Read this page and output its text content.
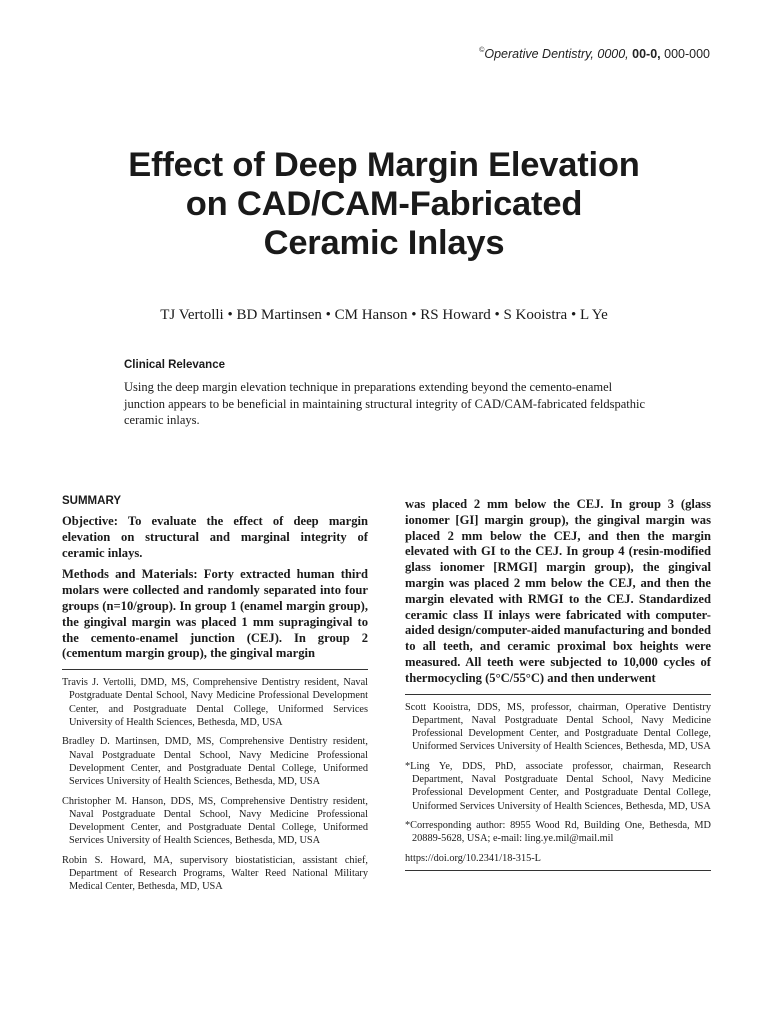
©Operative Dentistry, 0000, 00-0, 000-000
Effect of Deep Margin Elevation
on CAD/CAM-Fabricated
Ceramic Inlays

TJ Vertolli • BD Martinsen • CM Hanson • RS Howard • S Kooistra • L Ye

Clinical Relevance

Using the deep margin elevation technique in preparations extending beyond the cemento-enamel junction appears to be beneficial in maintaining structural integrity of CAD/CAM-fabricated feldspathic ceramic inlays.

SUMMARY

Objective: To evaluate the effect of deep margin elevation on structural and marginal integrity of ceramic inlays.

Methods and Materials: Forty extracted human third molars were collected and randomly separated into four groups (n=10/group). In group 1 (enamel margin group), the gingival margin was placed 1 mm supragingival to the cemento-enamel junction (CEJ). In group 2 (cementum margin group), the gingival margin

Travis J. Vertolli, DMD, MS, Comprehensive Dentistry resident, Naval Postgraduate Dental School, Navy Medicine Professional Development Center, and Postgraduate Dental College, Uniformed Services University of Health Sciences, Bethesda, MD, USA

Bradley D. Martinsen, DMD, MS, Comprehensive Dentistry resident, Naval Postgraduate Dental School, Navy Medicine Professional Development Center, and Postgraduate Dental College, Uniformed Services University of Health Sciences, Bethesda, MD, USA

Christopher M. Hanson, DDS, MS, Comprehensive Dentistry resident, Naval Postgraduate Dental School, Navy Medicine Professional Development Center, and Postgraduate Dental College, Uniformed Services University of Health Sciences, Bethesda, MD, USA

Robin S. Howard, MA, supervisory biostatistician, assistant chief, Department of Research Programs, Walter Reed National Military Medical Center, Bethesda, MD, USA

was placed 2 mm below the CEJ. In group 3 (glass ionomer [GI] margin group), the gingival margin was placed 2 mm below the CEJ, and then the margin elevated with GI to the CEJ. In group 4 (resin-modified glass ionomer [RMGI] margin group), the gingival margin was placed 2 mm below the CEJ, and then the margin elevated with RMGI to the CEJ. Standardized ceramic class II inlays were fabricated with computer-aided design/computer-aided manufacturing and bonded to all teeth, and ceramic proximal box heights were measured. All teeth were subjected to 10,000 cycles of thermocycling (5°C/55°C) and then underwent

Scott Kooistra, DDS, MS, professor, chairman, Operative Dentistry Department, Naval Postgraduate Dental School, Navy Medicine Professional Development Center, and Postgraduate Dental College, Uniformed Services University of Health Sciences, Bethesda, MD, USA

*Ling Ye, DDS, PhD, associate professor, chairman, Research Department, Naval Postgraduate Dental School, Navy Medicine Professional Development Center, and Postgraduate Dental College, Uniformed Services University of Health Sciences, Bethesda, MD, USA

*Corresponding author: 8955 Wood Rd, Building One, Bethesda, MD 20889-5628, USA; e-mail: ling.ye.mil@mail.mil

https://doi.org/10.2341/18-315-L
